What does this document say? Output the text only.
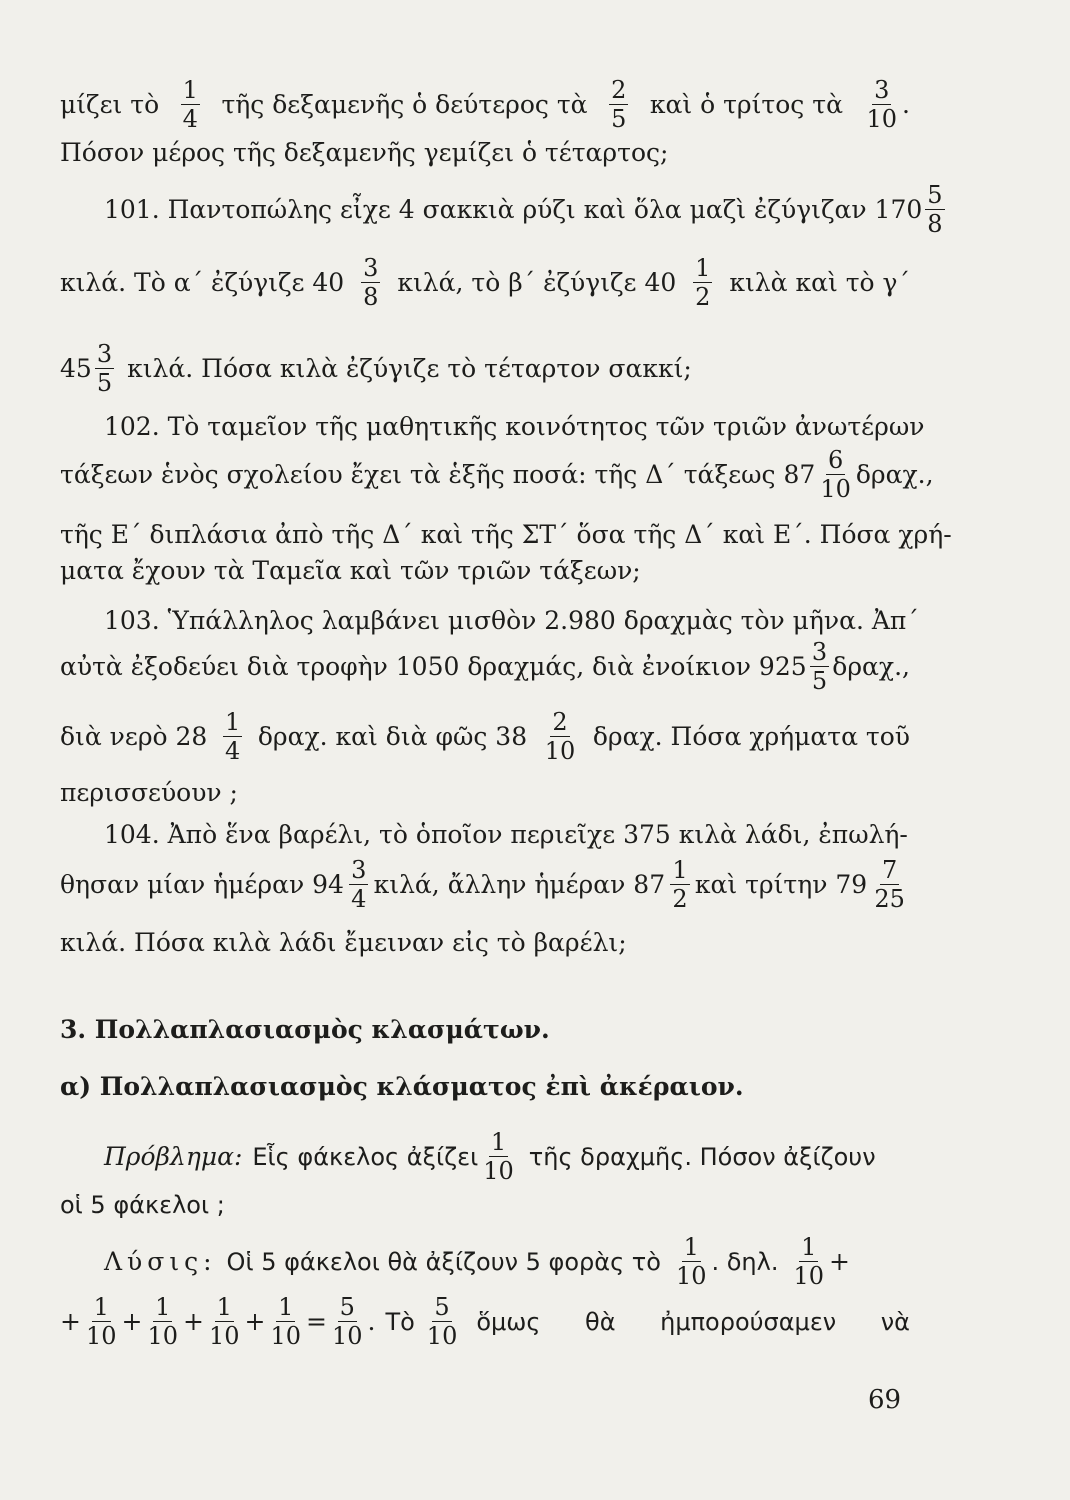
μίζει τὸ $\frac{1}{4}$ τῆς δεξαμενῆς ὁ δεύτερος τὰ $\frac{2}{5}$ καὶ ὁ τρίτος τὰ $\frac{3}{10}$ .
Πόσον μέρος τῆς δεξαμενῆς γεμίζει ὁ τέταρτος;
101. Παντοπώλης εἶχε 4 σακκιὰ ρύζι καὶ ὅλα μαζὶ ἐζύγιζαν $170 \frac{5}{8}$
κιλά. Τὸ α΄ ἐζύγιζε $40 \frac{3}{8} \kappa\iota\lambda ά$, τὸ β΄ ἐζύγιζε $40 \frac{1}{2}$ κιλὰ καὶ τὸ γ΄
$45 \frac{3}{5} \kappa\iota\lambda ά$. Πόσα κιλὰ ἐζύγιζε τὸ τέταρτον σακκί;
102. Τὸ ταμεῖον τῆς μαθητικῆς κοινότητος τῶν τριῶν ἀνωτέρων
τάξεων ἑνὸς σχολείου ἔχει τὰ ἑξῆς ποσά: τῆς Δ΄ τάξεως $87 \frac{6}{10} \delta\rho\alpha\chi$.,
τῆς Ε΄ διπλάσια ἀπὸ τῆς Δ΄ καὶ τῆς ΣΤ΄ ὅσα τῆς Δ΄ καὶ Ε΄. Πόσα χρή-
ματα ἔχουν τὰ Ταμεῖα καὶ τῶν τριῶν τάξεων;
103. Ὑπάλληλος λαμβάνει μισθὸν 2.980 δραχμὰς τὸν μῆνα. Ἀπ΄
αὐτὰ ἐξοδεύει διὰ τροφὴν 1050 δραχμάς, διὰ ἐνοίκιον $925 \frac{3}{5} \delta\rho\alpha\chi$.,
διὰ νερὸ $28 \frac{1}{4} \delta\rho\alpha\chi$. καὶ διὰ φῶς $38 \frac{2}{10} \delta\rho\alpha\chi$. Πόσα χρήματα τοῦ
περισσεύουν ;
104. Ἀπὸ ἕνα βαρέλι, τὸ ὁποῖον περιεῖχε 375 κιλὰ λάδι, ἐπωλή-
θησαν μίαν ἡμέραν $94 \frac{3}{4} \kappa\iota\lambda ά$, ἄλλην ἡμέραν $87 \frac{1}{2}$ καὶ τρίτην $79 \frac{7}{25}$
κιλά. Πόσα κιλὰ λάδι ἔμειναν εἰς τὸ βαρέλι;
3. Πολλαπλασιασμὸς κλασμάτων.
α) Πολλαπλασιασμὸς κλάσματος ἐπὶ ἀκέραιον.
Πρόβλημα: Εἷς φάκελος ἀξίζει $\frac{1}{10}$ τῆς δραχμῆς. Πόσον ἀξίζουν
οἱ 5 φάκελοι ;
Λύσις: Οἱ 5 φάκελοι θὰ ἀξίζουν 5 φορὰς τὸ $\frac{1}{10}$ . δηλ. $\frac{1}{10}$ +
+ $\frac{1}{10} + \frac{1}{10} + \frac{1}{10} + \frac{1}{10} = \frac{5}{10}$ . Τὸ $\frac{5}{10}$ ὅμως θὰ ἠμπορούσαμεν νὰ
69
